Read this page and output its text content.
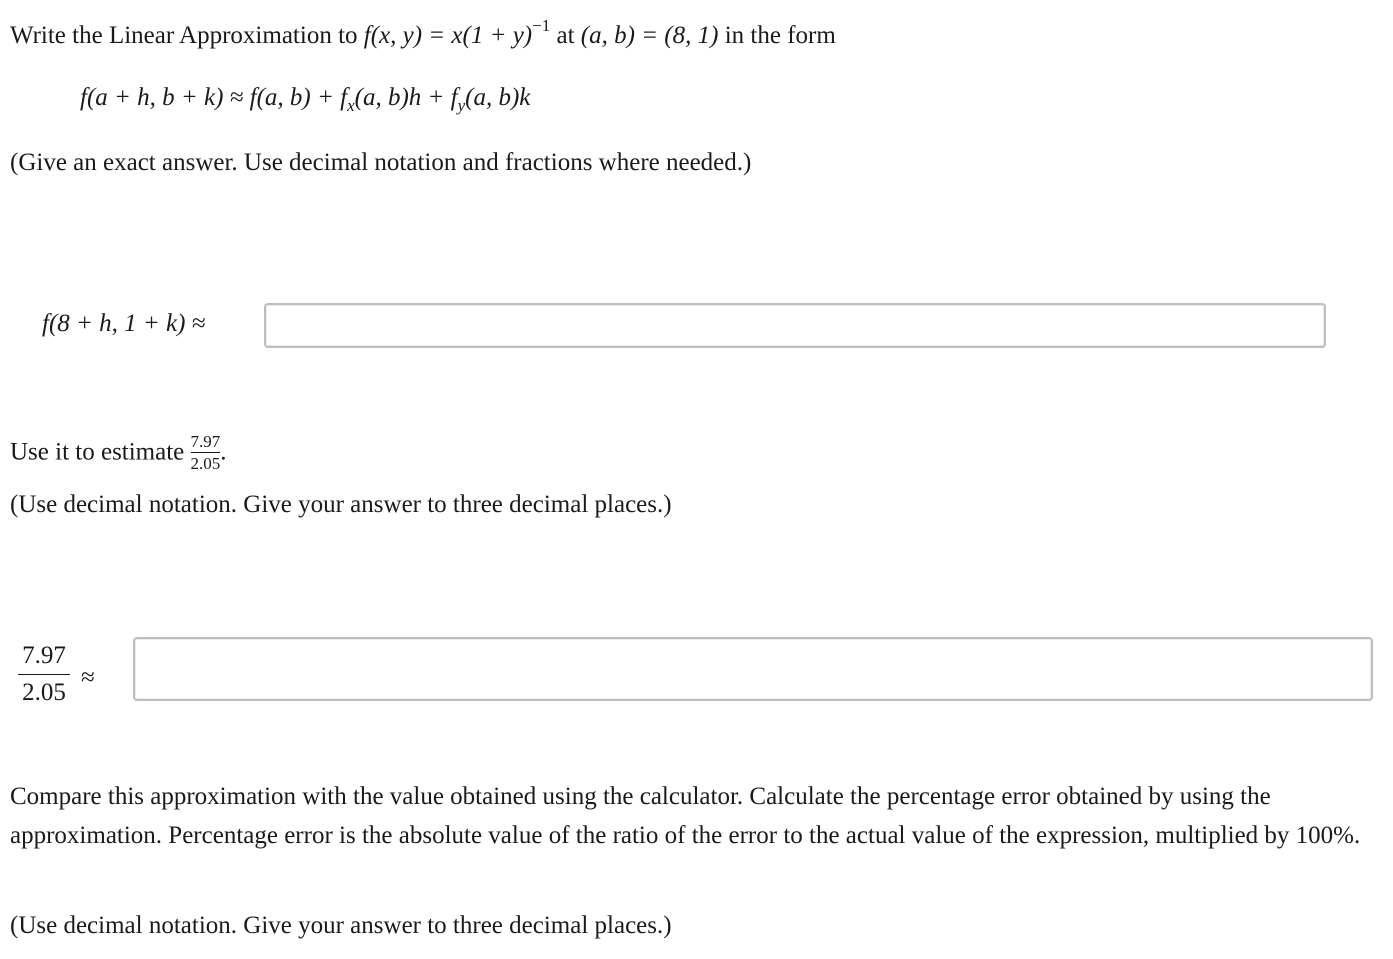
Write the Linear Approximation to f(x, $y) = x(1 + y)^{-1}$ at (a, b) = (8, 1) in the form
f(a + h, b + k) ≈ f(a, $b) + f_x(a$, $b)h + f_y(a$, b)k
(Give an exact answer. Use decimal notation and fractions where needed.)
f(8 + h, 1 + k) ≈
Use it to estimate $\frac{7.97}{2.05}$ .
(Use decimal notation. Give your answer to three decimal places.)
$\frac{7.97}{2.05}$ ≈
Compare this approximation with the value obtained using the calculator. Calculate the percentage error obtained by using the approximation. Percentage error is the absolute value of the ratio of the error to the actual value of the expression, multiplied by 100%.
(Use decimal notation. Give your answer to three decimal places.)
